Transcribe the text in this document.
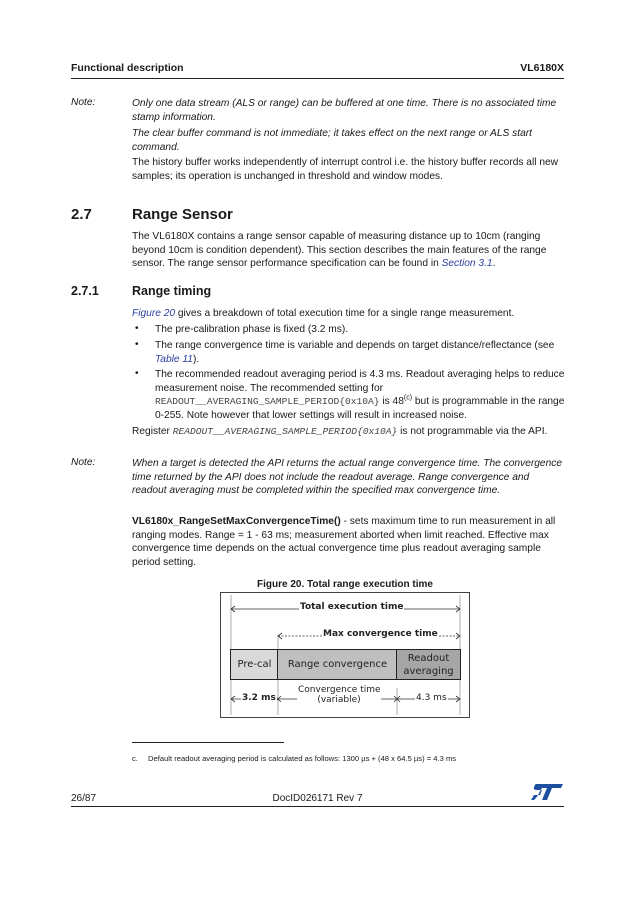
Functional description	VL6180X
Note:	Only one data stream (ALS or range) can be buffered at one time. There is no associated time stamp information.
The clear buffer command is not immediate; it takes effect on the next range or ALS start command.
The history buffer works independently of interrupt control i.e. the history buffer records all new samples; its operation is unchanged in threshold and window modes.
2.7	Range Sensor
The VL6180X contains a range sensor capable of measuring distance up to 10cm (ranging beyond 10cm is condition dependent). This section describes the main features of the range sensor. The range sensor performance specification can be found in Section 3.1.
2.7.1	Range timing
Figure 20 gives a breakdown of total execution time for a single range measurement.
• The pre-calibration phase is fixed (3.2 ms).
• The range convergence time is variable and depends on target distance/reflectance (see Table 11).
• The recommended readout averaging period is 4.3 ms. Readout averaging helps to reduce measurement noise. The recommended setting for READOUT__AVERAGING_SAMPLE_PERIOD{0x10A} is 48$^{(c)}$ but is programmable in the range 0-255. Note however that lower settings will result in increased noise.
Register READOUT__AVERAGING_SAMPLE_PERIOD{0x10A} is not programmable via the API.
Note:	When a target is detected the API returns the actual range convergence time. The convergence time returned by the API does not include the readout average. Range convergence and readout averaging must be completed within the specified max convergence time.
VL6180x_RangeSetMaxConvergenceTime() - sets maximum time to run measurement in all ranging modes. Range = 1 - 63 ms; measurement aborted when limit reached. Effective max convergence time depends on the actual convergence time plus readout averaging sample period setting.
Figure 20. Total range execution time
Total execution time
Max convergence time
Pre-cal	Range convergence
Readout averaging
3.2 ms
Convergence time
(variable)	4.3 ms
c. Default readout averaging period is calculated as follows: 1300 µs + (48 x 64.5 µs) = 4.3 ms
26/87	DocID026171 Rev 7
